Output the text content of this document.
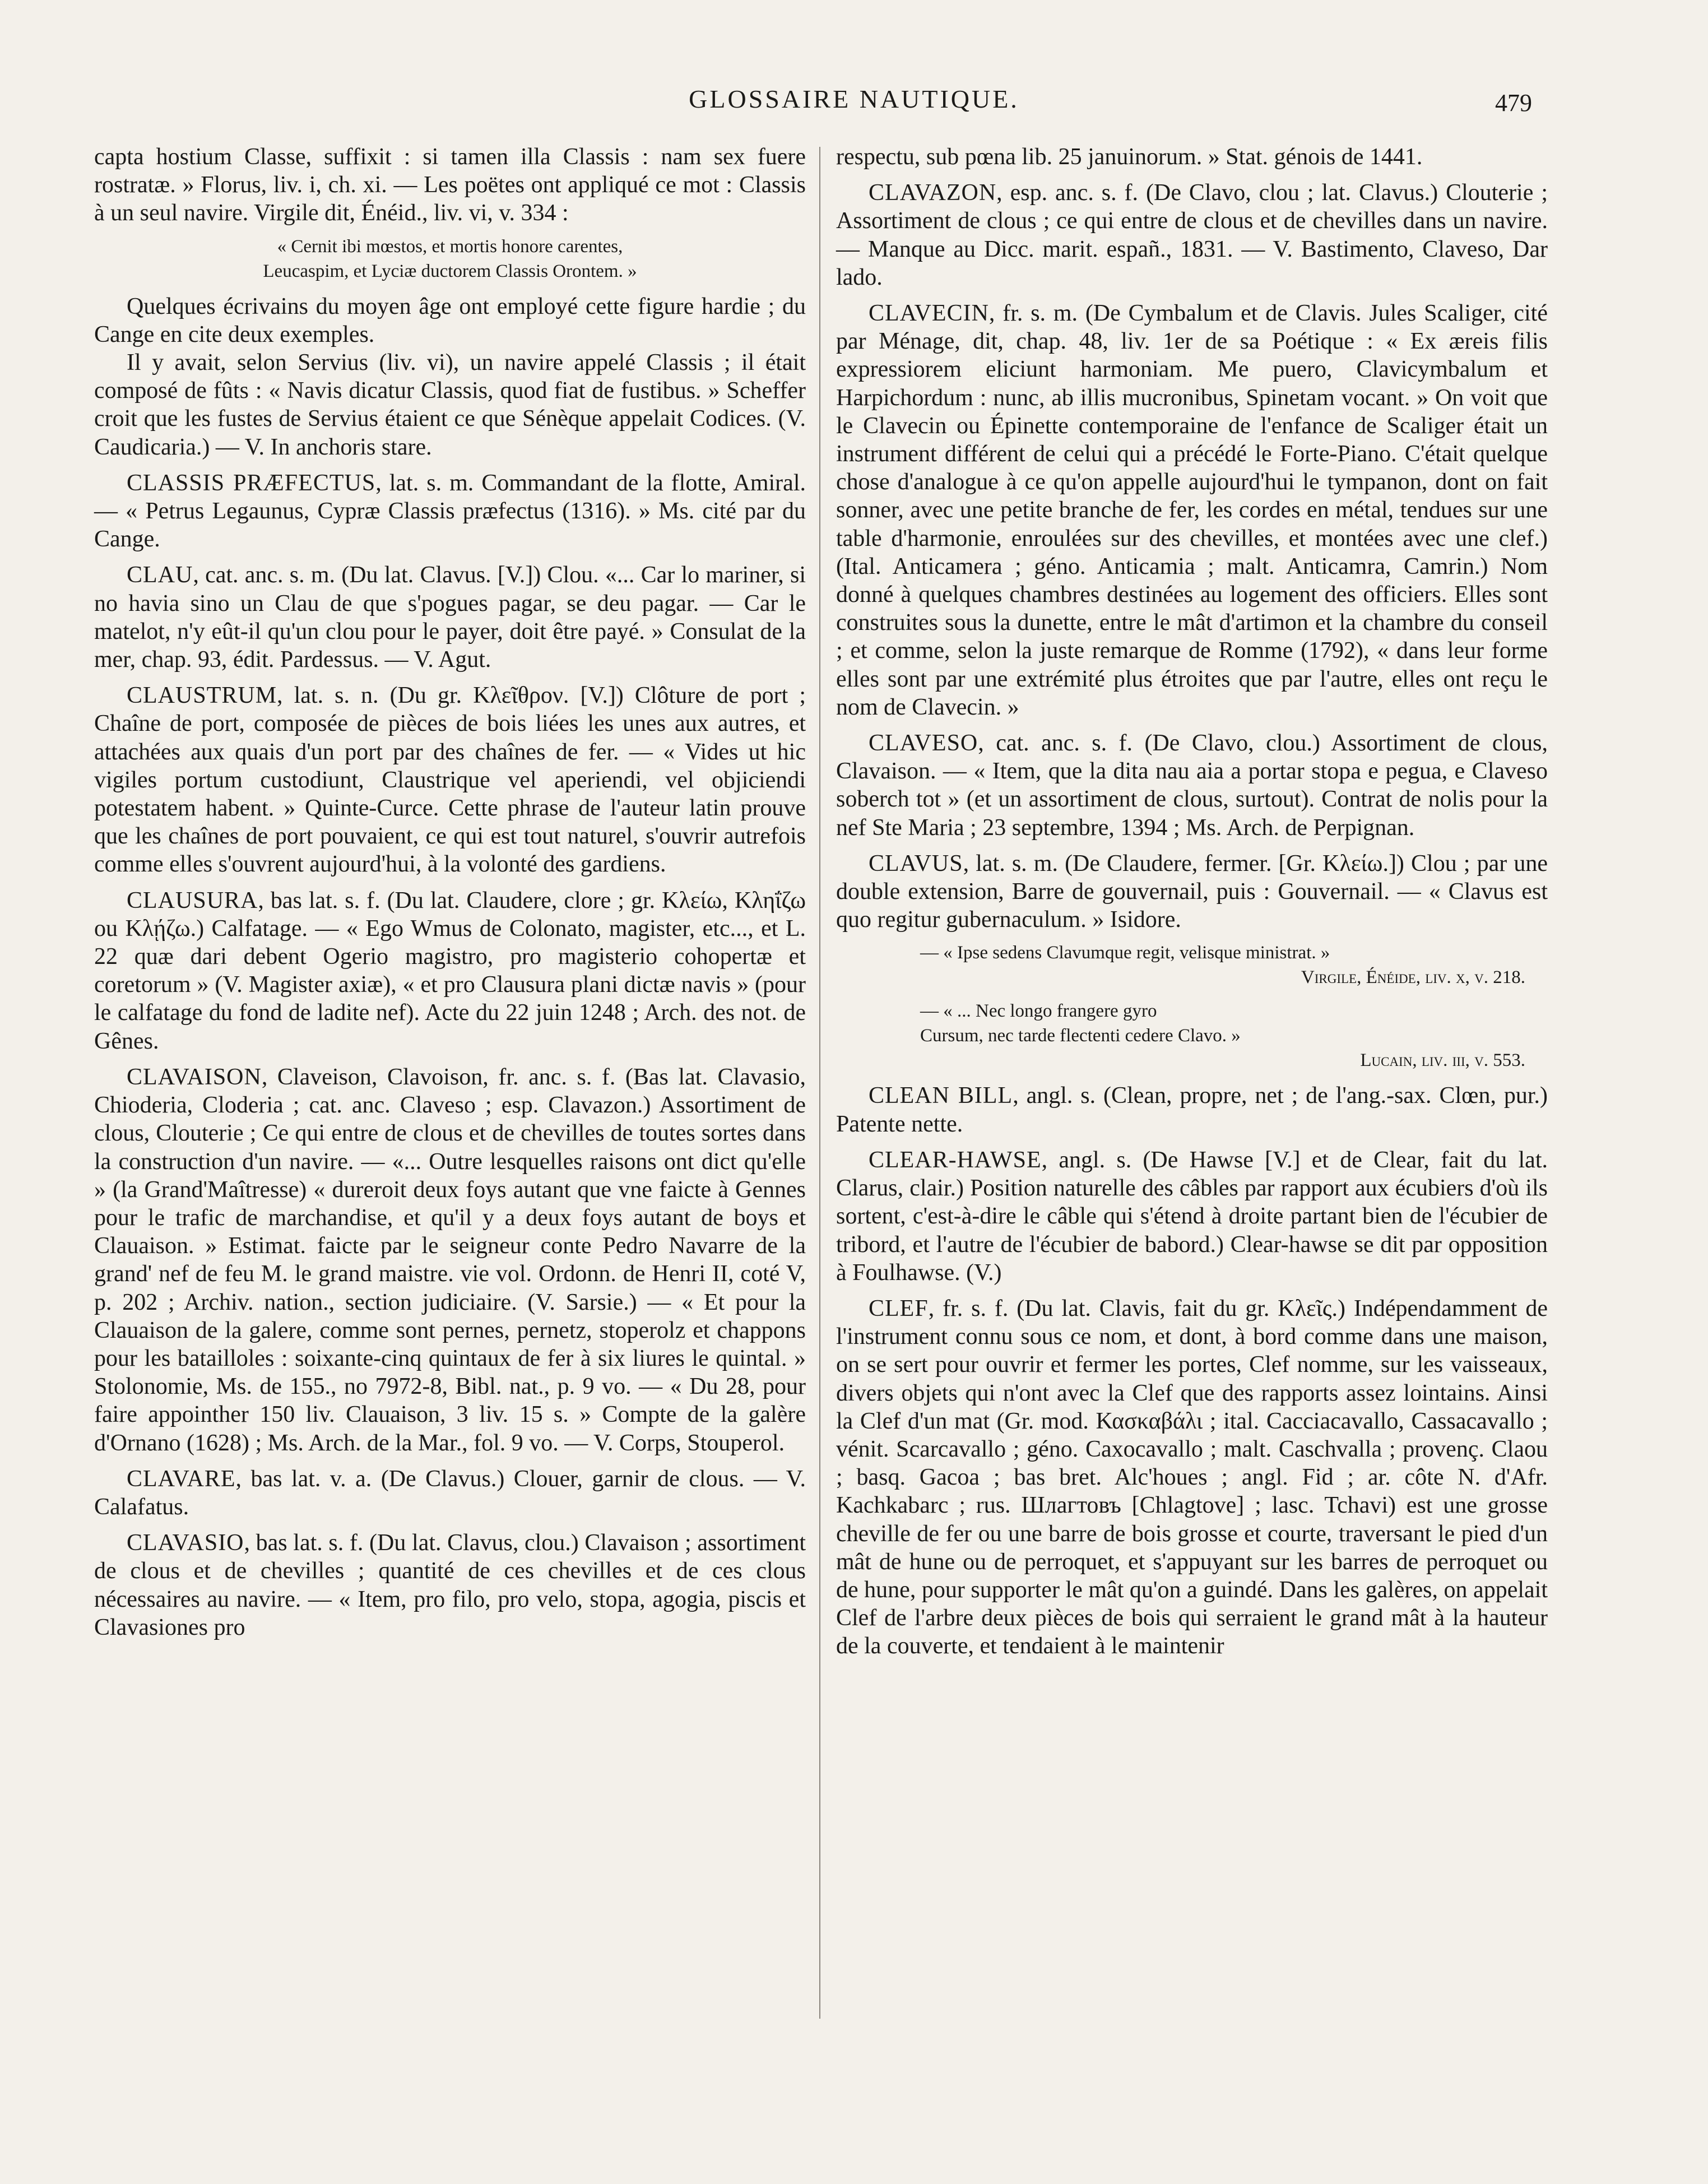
GLOSSAIRE NAUTIQUE.	479

capta hostium Classe, suffixit : si tamen illa Classis : nam sex fuere rostratæ. » Florus, liv. i, ch. xi. — Les poëtes ont appliqué ce mot : Classis à un seul navire. Virgile dit, Énéid., liv. vi, v. 334 :

« Cernit ibi mœstos, et mortis honore carentes,
Leucaspim, et Lyciæ ductorem Classis Orontem. »

Quelques écrivains du moyen âge ont employé cette figure hardie ; du Cange en cite deux exemples.

Il y avait, selon Servius (liv. vi), un navire appelé Classis ; il était composé de fûts : « Navis dicatur Classis, quod fiat de fustibus. » Scheffer croit que les fustes de Servius étaient ce que Sénèque appelait Codices. (V. Caudicaria.) — V. In anchoris stare.

CLASSIS PRÆFECTUS, lat. s. m. Commandant de la flotte, Amiral. — « Petrus Legaunus, Cypræ Classis præfectus (1316). » Ms. cité par du Cange.

CLAU, cat. anc. s. m. (Du lat. Clavus. [V.]) Clou. «... Car lo mariner, si no havia sino un Clau de que s'pogues pagar, se deu pagar. — Car le matelot, n'y eût-il qu'un clou pour le payer, doit être payé. » Consulat de la mer, chap. 93, édit. Pardessus. — V. Agut.

CLAUSTRUM, lat. s. n. (Du gr. Κλεῖθρον. [V.]) Clôture de port ; Chaîne de port, composée de pièces de bois liées les unes aux autres, et attachées aux quais d'un port par des chaînes de fer. — « Vides ut hic vigiles portum custodiunt, Claustrique vel aperiendi, vel objiciendi potestatem habent. » Quinte-Curce. Cette phrase de l'auteur latin prouve que les chaînes de port pouvaient, ce qui est tout naturel, s'ouvrir autrefois comme elles s'ouvrent aujourd'hui, à la volonté des gardiens.

CLAUSURA, bas lat. s. f. (Du lat. Claudere, clore ; gr. Κλείω, Κληΐζω ou Κλῄζω.) Calfatage. — « Ego Wmus de Colonato, magister, etc..., et L. 22 quæ dari debent Ogerio magistro, pro magisterio cohopertæ et coretorum » (V. Magister axiæ), « et pro Clausura plani dictæ navis » (pour le calfatage du fond de ladite nef). Acte du 22 juin 1248 ; Arch. des not. de Gênes.

CLAVAISON, Claveison, Clavoison, fr. anc. s. f. (Bas lat. Clavasio, Chioderia, Cloderia ; cat. anc. Claveso ; esp. Clavazon.) Assortiment de clous, Clouterie ; Ce qui entre de clous et de chevilles de toutes sortes dans la construction d'un navire. — «... Outre lesquelles raisons ont dict qu'elle » (la Grand'Maîtresse) « dureroit deux foys autant que vne faicte à Gennes pour le trafic de marchandise, et qu'il y a deux foys autant de boys et Clauaison. » Estimat. faicte par le seigneur conte Pedro Navarre de la grand' nef de feu M. le grand maistre. vie vol. Ordonn. de Henri II, coté V, p. 202 ; Archiv. nation., section judiciaire. (V. Sarsie.) — « Et pour la Clauaison de la galere, comme sont pernes, pernetz, stoperolz et chappons pour les batailloles : soixante-cinq quintaux de fer à six liures le quintal. » Stolonomie, Ms. de 155., no 7972-8, Bibl. nat., p. 9 vo. — « Du 28, pour faire appointher 150 liv. Clauaison, 3 liv. 15 s. » Compte de la galère d'Ornano (1628) ; Ms. Arch. de la Mar., fol. 9 vo. — V. Corps, Stouperol.

CLAVARE, bas lat. v. a. (De Clavus.) Clouer, garnir de clous. — V. Calafatus.

CLAVASIO, bas lat. s. f. (Du lat. Clavus, clou.) Clavaison ; assortiment de clous et de chevilles ; quantité de ces chevilles et de ces clous nécessaires au navire. — « Item, pro filo, pro velo, stopa, agogia, piscis et Clavasiones pro

respectu, sub pœna lib. 25 januinorum. » Stat. génois de 1441.

CLAVAZON, esp. anc. s. f. (De Clavo, clou ; lat. Clavus.) Clouterie ; Assortiment de clous ; ce qui entre de clous et de chevilles dans un navire. — Manque au Dicc. marit. españ., 1831. — V. Bastimento, Claveso, Dar lado.

CLAVECIN, fr. s. m. (De Cymbalum et de Clavis. Jules Scaliger, cité par Ménage, dit, chap. 48, liv. 1er de sa Poétique : « Ex æreis filis expressiorem eliciunt harmoniam. Me puero, Clavicymbalum et Harpichordum : nunc, ab illis mucronibus, Spinetam vocant. » On voit que le Clavecin ou Épinette contemporaine de l'enfance de Scaliger était un instrument différent de celui qui a précédé le Forte-Piano. C'était quelque chose d'analogue à ce qu'on appelle aujourd'hui le tympanon, dont on fait sonner, avec une petite branche de fer, les cordes en métal, tendues sur une table d'harmonie, enroulées sur des chevilles, et montées avec une clef.) (Ital. Anticamera ; géno. Anticamia ; malt. Anticamra, Camrin.) Nom donné à quelques chambres destinées au logement des officiers. Elles sont construites sous la dunette, entre le mât d'artimon et la chambre du conseil ; et comme, selon la juste remarque de Romme (1792), « dans leur forme elles sont par une extrémité plus étroites que par l'autre, elles ont reçu le nom de Clavecin. »

CLAVESO, cat. anc. s. f. (De Clavo, clou.) Assortiment de clous, Clavaison. — « Item, que la dita nau aia a portar stopa e pegua, e Claveso soberch tot » (et un assortiment de clous, surtout). Contrat de nolis pour la nef Ste Maria ; 23 septembre, 1394 ; Ms. Arch. de Perpignan.

CLAVUS, lat. s. m. (De Claudere, fermer. [Gr. Κλείω.]) Clou ; par une double extension, Barre de gouvernail, puis : Gouvernail. — « Clavus est quo regitur gubernaculum. » Isidore.

— « Ipse sedens Clavumque regit, velisque ministrat. »
Virgile, Énéide, liv. x, v. 218.
— « ... Nec longo frangere gyro
Cursum, nec tarde flectenti cedere Clavo. »
Lucain, liv. iii, v. 553.

CLEAN BILL, angl. s. (Clean, propre, net ; de l'ang.-sax. Clœn, pur.) Patente nette.

CLEAR-HAWSE, angl. s. (De Hawse [V.] et de Clear, fait du lat. Clarus, clair.) Position naturelle des câbles par rapport aux écubiers d'où ils sortent, c'est-à-dire le câble qui s'étend à droite partant bien de l'écubier de tribord, et l'autre de l'écubier de babord.) Clear-hawse se dit par opposition à Foulhawse. (V.)

CLEF, fr. s. f. (Du lat. Clavis, fait du gr. Κλεῖς.) Indépendamment de l'instrument connu sous ce nom, et dont, à bord comme dans une maison, on se sert pour ouvrir et fermer les portes, Clef nomme, sur les vaisseaux, divers objets qui n'ont avec la Clef que des rapports assez lointains. Ainsi la Clef d'un mat (Gr. mod. Κασκαβάλι ; ital. Cacciacavallo, Cassacavallo ; vénit. Scarcavallo ; géno. Caxocavallo ; malt. Caschvalla ; provenç. Claou ; basq. Gacoa ; bas bret. Alc'houes ; angl. Fid ; ar. côte N. d'Afr. Kachkabarc ; rus. Шлагтовъ [Chlagtove] ; lasc. Tchavi) est une grosse cheville de fer ou une barre de bois grosse et courte, traversant le pied d'un mât de hune ou de perroquet, et s'appuyant sur les barres de perroquet ou de hune, pour supporter le mât qu'on a guindé. Dans les galères, on appelait Clef de l'arbre deux pièces de bois qui serraient le grand mât à la hauteur de la couverte, et tendaient à le maintenir
